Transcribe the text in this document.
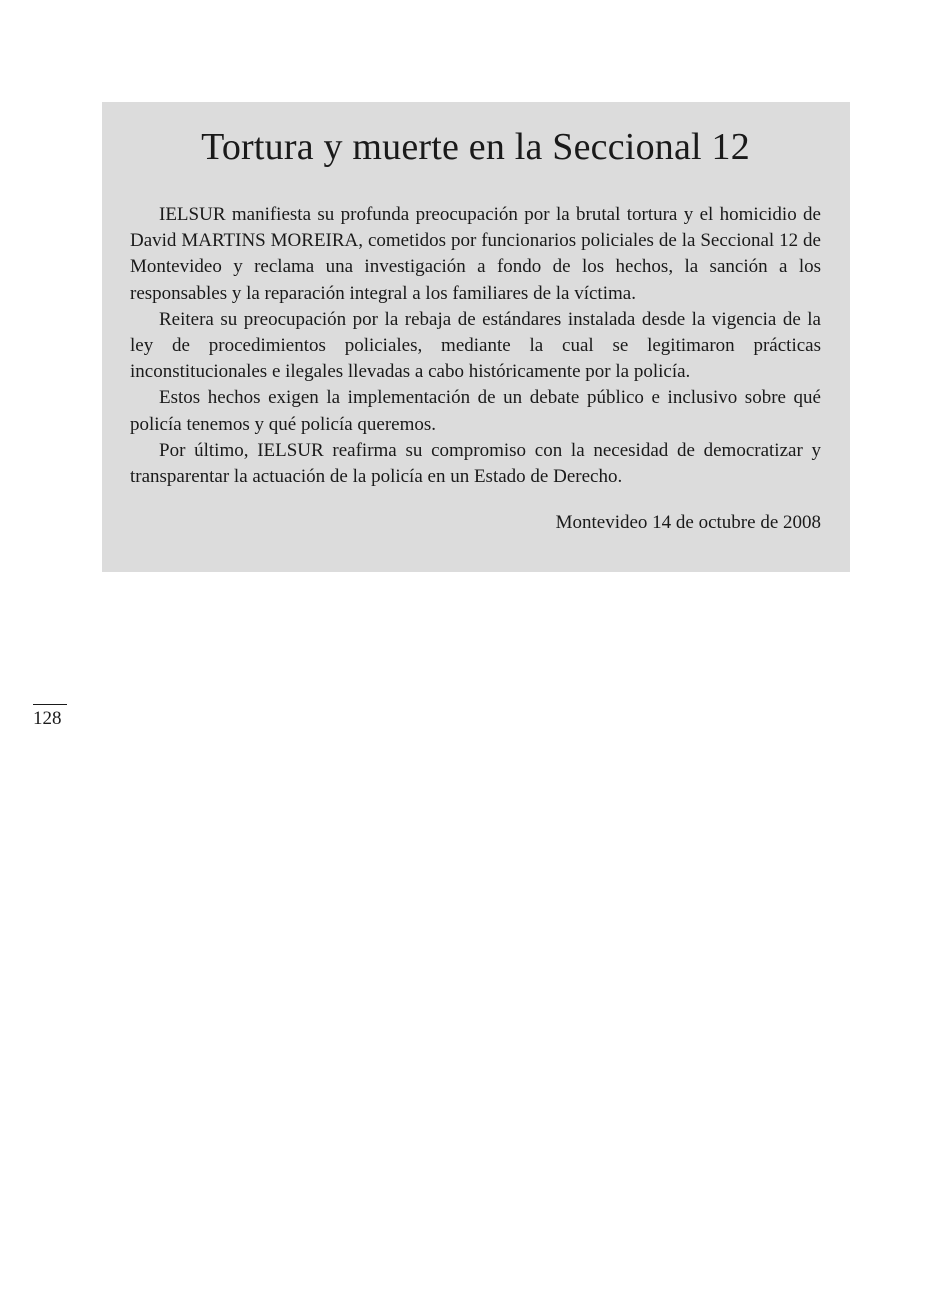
Tortura y muerte en la Seccional 12

IELSUR manifiesta su profunda preocupación por la brutal tortura y el homicidio de David MARTINS MOREIRA, cometidos por funcionarios policiales de la Seccional 12 de Montevideo y reclama una investigación a fondo de los hechos, la sanción a los responsables y la reparación integral a los familiares de la víctima.

Reitera su preocupación por la rebaja de estándares instalada desde la vigencia de la ley de procedimientos policiales, mediante la cual se legitimaron prácticas inconstitucionales e ilegales llevadas a cabo históricamente por la policía.

Estos hechos exigen la implementación de un debate público e inclusivo sobre qué policía tenemos y qué policía queremos.

Por último, IELSUR reafirma su compromiso con la necesidad de democratizar y transparentar la actuación de la policía en un Estado de Derecho.

Montevideo 14 de octubre de 2008

128
